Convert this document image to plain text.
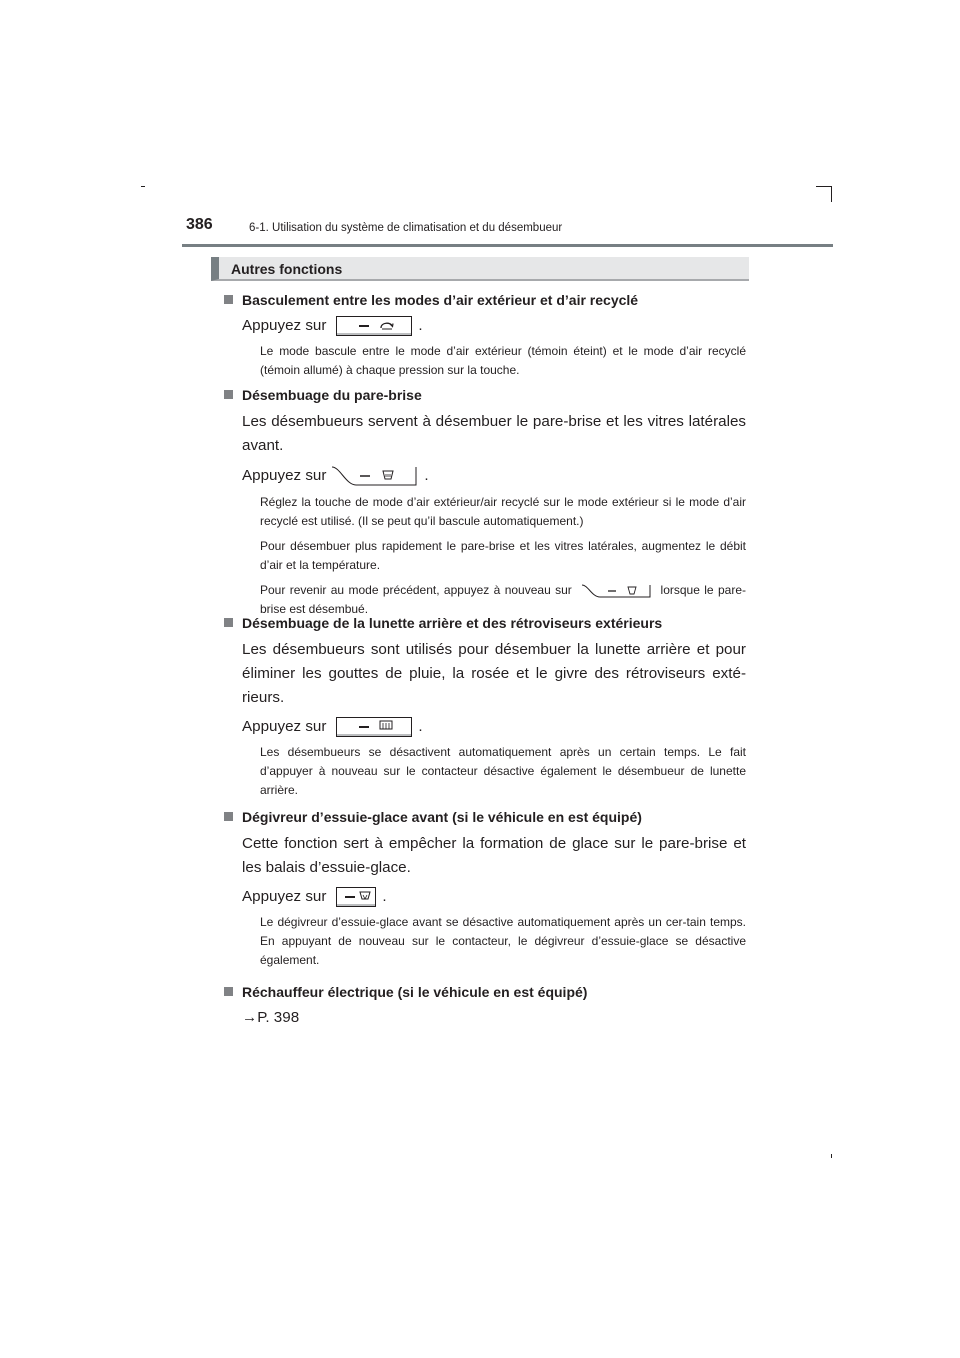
386	6-1. Utilisation du système de climatisation et du désembueur
Autres fonctions
Basculement entre les modes d’air extérieur et d’air recyclé
Appuyez sur	.
Le mode bascule entre le mode d’air extérieur (témoin éteint) et le mode d’air recyclé (témoin allumé) à chaque pression sur la touche.
Désembuage du pare-brise
Les désembueurs servent à désembuer le pare-brise et les vitres latérales avant.
Appuyez sur	.
Réglez la touche de mode d’air extérieur/air recyclé sur le mode extérieur si le mode d’air recyclé est utilisé. (Il se peut qu’il bascule automatiquement.)
Pour désembuer plus rapidement le pare-brise et les vitres latérales, augmentez le débit d’air et la température.
Pour revenir au mode précédent, appuyez à nouveau sur	lorsque le pare-brise est désembué.
Désembuage de la lunette arrière et des rétroviseurs extérieurs
Les désembueurs sont utilisés pour désembuer la lunette arrière et pour éliminer les gouttes de pluie, la rosée et le givre des rétroviseurs exté-rieurs.
Appuyez sur	.
Les désembueurs se désactivent automatiquement après un certain temps. Le fait d’appuyer à nouveau sur le contacteur désactive également le désembueur de lunette arrière.
Dégivreur d’essuie-glace avant (si le véhicule en est équipé)
Cette fonction sert à empêcher la formation de glace sur le pare-brise et les balais d’essuie-glace.
Appuyez sur	.
Le dégivreur d’essuie-glace avant se désactive automatiquement après un cer-tain temps. En appuyant de nouveau sur le contacteur, le dégivreur d’essuie-glace se désactive également.
Réchauffeur électrique (si le véhicule en est équipé)
→P. 398
